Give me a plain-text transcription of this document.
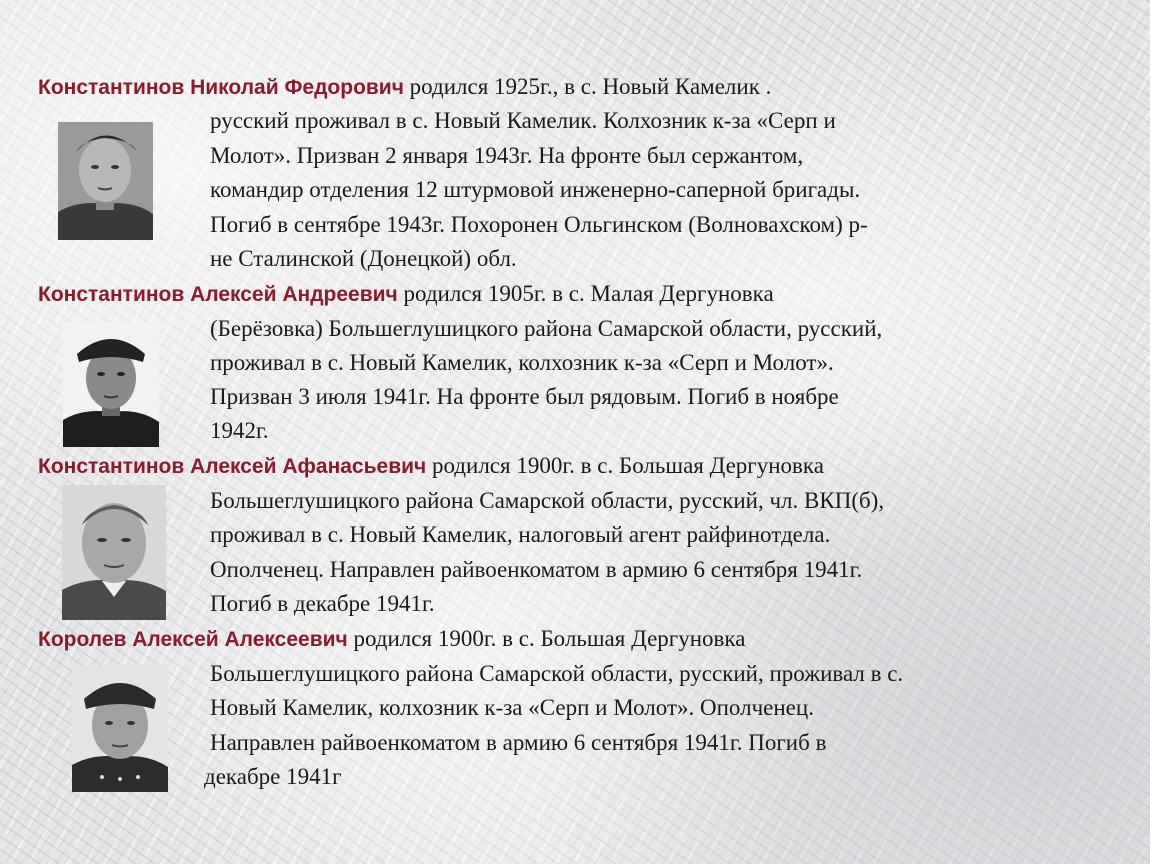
Константинов Николай Федорович родился 1925г., в с. Новый Камелик .
русский проживал в с. Новый Камелик. Колхозник к-за «Серп и
Молот». Призван 2 января 1943г. На фронте был сержантом,
командир отделения 12 штурмовой инженерно-саперной бригады.
Погиб в сентябре 1943г. Похоронен Ольгинском (Волновахском) р-
не Сталинской (Донецкой) обл.
Константинов Алексей Андреевич родился 1905г. в с. Малая Дергуновка
(Берёзовка) Большеглушицкого района Самарской области, русский,
проживал в с. Новый Камелик, колхозник к-за «Серп и Молот».
Призван 3 июля 1941г. На фронте был рядовым. Погиб в ноябре
1942г.
Константинов Алексей Афанасьевич родился 1900г. в с. Большая Дергуновка
Большеглушицкого района Самарской области, русский, чл. ВКП(б),
проживал в с. Новый Камелик, налоговый агент райфинотдела.
Ополченец. Направлен райвоенкоматом в армию 6 сентября 1941г.
Погиб в декабре 1941г.
Королев Алексей Алексеевич родился 1900г. в с. Большая Дергуновка
Большеглушицкого района Самарской области, русский, проживал в с.
Новый Камелик, колхозник к-за «Серп и Молот». Ополченец.
Направлен райвоенкоматом в армию 6 сентября 1941г. Погиб в
декабре 1941г
